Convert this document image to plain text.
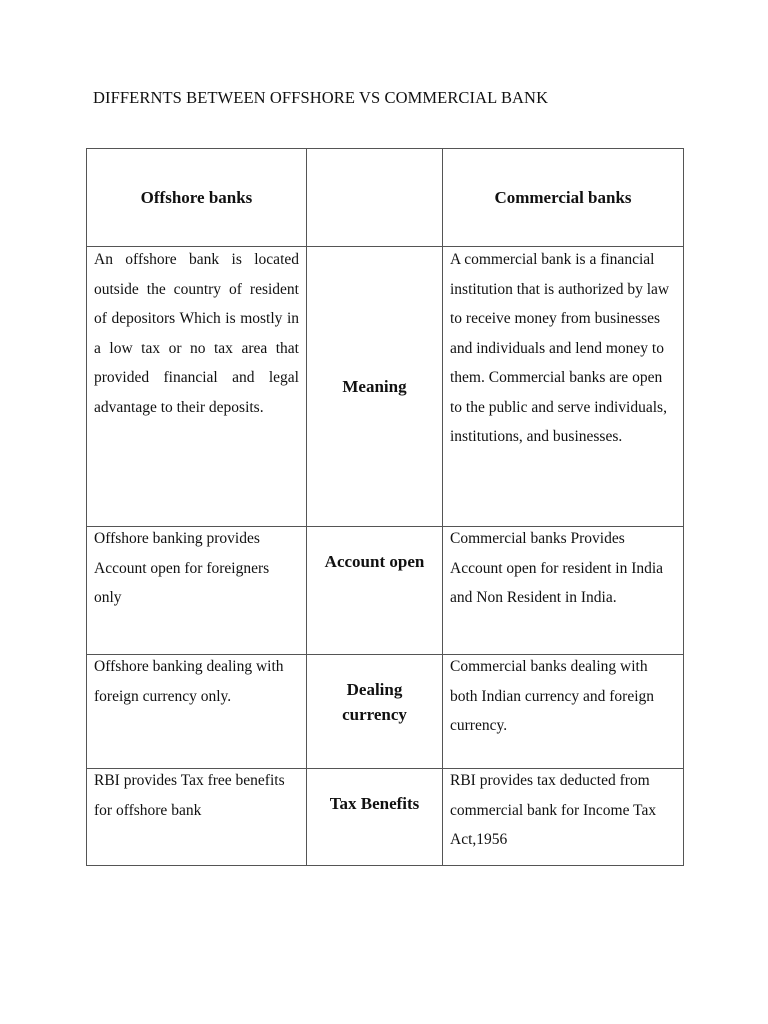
DIFFERNTS BETWEEN OFFSHORE VS COMMERCIAL BANK
Offshore banks		Commercial banks

An offshore bank is located outside the country of resident of depositors Which is mostly in a low tax or no tax area that provided financial and legal advantage to their deposits.	Meaning	A commercial bank is a financial institution that is authorized by law to receive money from businesses and individuals and lend money to them. Commercial banks are open to the public and serve individuals, institutions, and businesses.

Offshore banking provides Account open for foreigners only	Account open	Commercial banks Provides Account open for resident in India and Non Resident in India.

Offshore banking dealing with foreign currency only.	Dealing currency	Commercial banks dealing with both Indian currency and foreign currency.

RBI provides Tax free benefits for offshore bank	Tax Benefits	RBI provides tax deducted from commercial bank for Income Tax Act,1956
